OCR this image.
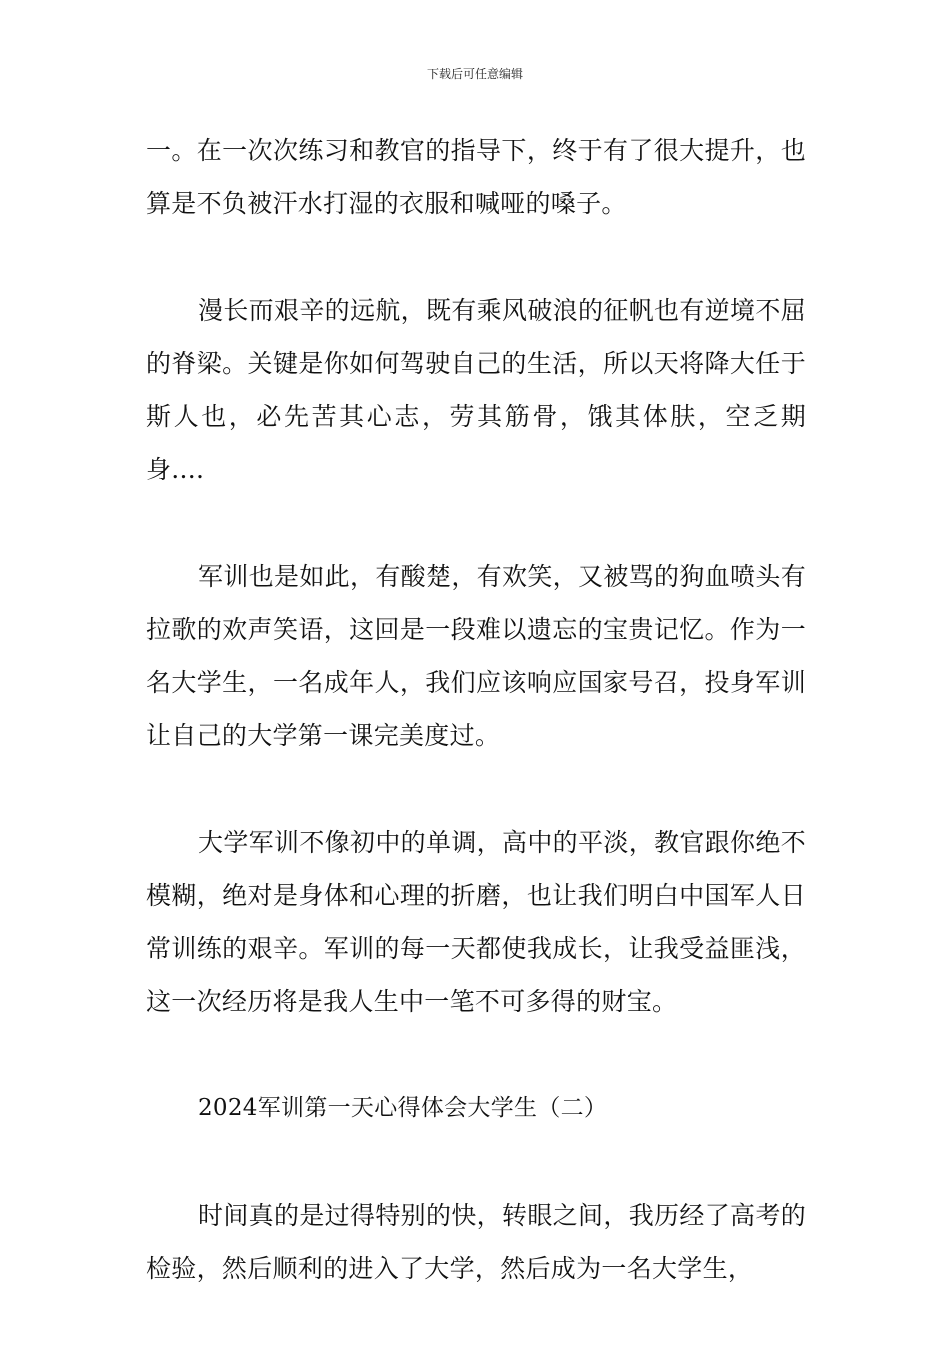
下载后可任意编辑

一。在一次次练习和教官的指导下，终于有了很大提升，也算是不负被汗水打湿的衣服和喊哑的嗓子。

漫长而艰辛的远航，既有乘风破浪的征帆也有逆境不屈的脊梁。关键是你如何驾驶自己的生活，所以天将降大任于斯人也，必先苦其心志，劳其筋骨，饿其体肤，空乏期身....

军训也是如此，有酸楚，有欢笑，又被骂的狗血喷头有拉歌的欢声笑语，这回是一段难以遗忘的宝贵记忆。作为一名大学生，一名成年人，我们应该响应国家号召，投身军训让自己的大学第一课完美度过。

大学军训不像初中的单调，高中的平淡，教官跟你绝不模糊，绝对是身体和心理的折磨，也让我们明白中国军人日常训练的艰辛。军训的每一天都使我成长，让我受益匪浅，这一次经历将是我人生中一笔不可多得的财宝。

2024军训第一天心得体会大学生（二）

时间真的是过得特别的快，转眼之间，我历经了高考的检验，然后顺利的进入了大学，然后成为一名大学生，
